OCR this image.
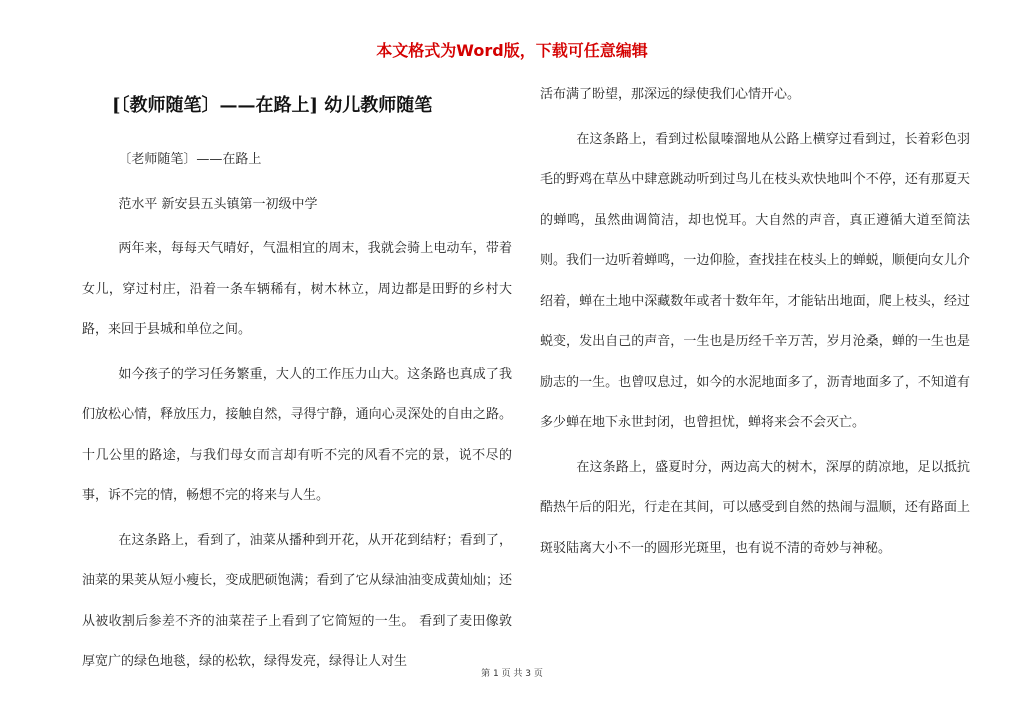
本文格式为Word版，下载可任意编辑
[〔教师随笔〕——在路上] 幼儿教师随笔

〔老师随笔〕——在路上

范水平 新安县五头镇第一初级中学

两年来，每每天气晴好，气温相宜的周末，我就会骑上电动车，带着女儿，穿过村庄，沿着一条车辆稀有，树木林立，周边都是田野的乡村大路，来回于县城和单位之间。

如今孩子的学习任务繁重，大人的工作压力山大。这条路也真成了我们放松心情，释放压力，接触自然，寻得宁静，通向心灵深处的自由之路。十几公里的路途，与我们母女而言却有听不完的风看不完的景，说不尽的事，诉不完的情，畅想不完的将来与人生。

在这条路上，看到了，油菜从播种到开花，从开花到结籽；看到了，油菜的果荚从短小瘦长，变成肥硕饱满；看到了它从绿油油变成黄灿灿；还从被收割后参差不齐的油菜茬子上看到了它简短的一生。 看到了麦田像敦厚宽广的绿色地毯，绿的松软，绿得发亮，绿得让人对生

活布满了盼望，那深远的绿使我们心情开心。

在这条路上，看到过松鼠嗪溜地从公路上横穿过看到过，长着彩色羽毛的野鸡在草丛中肆意跳动听到过鸟儿在枝头欢快地叫个不停，还有那夏天的蝉鸣，虽然曲调简洁，却也悦耳。大自然的声音，真正遵循大道至简法则。我们一边听着蝉鸣，一边仰脸，查找挂在枝头上的蝉蜕，顺便向女儿介绍着，蝉在土地中深藏数年或者十数年年，才能钻出地面，爬上枝头，经过蜕变，发出自己的声音，一生也是历经千辛万苦，岁月沧桑，蝉的一生也是励志的一生。也曾叹息过，如今的水泥地面多了，沥青地面多了，不知道有多少蝉在地下永世封闭，也曾担忧，蝉将来会不会灭亡。

在这条路上，盛夏时分，两边高大的树木，深厚的荫凉地，足以抵抗酷热午后的阳光，行走在其间，可以感受到自然的热闹与温顺，还有路面上斑驳陆离大小不一的圆形光斑里，也有说不清的奇妙与神秘。

第 1 页 共 3 页
